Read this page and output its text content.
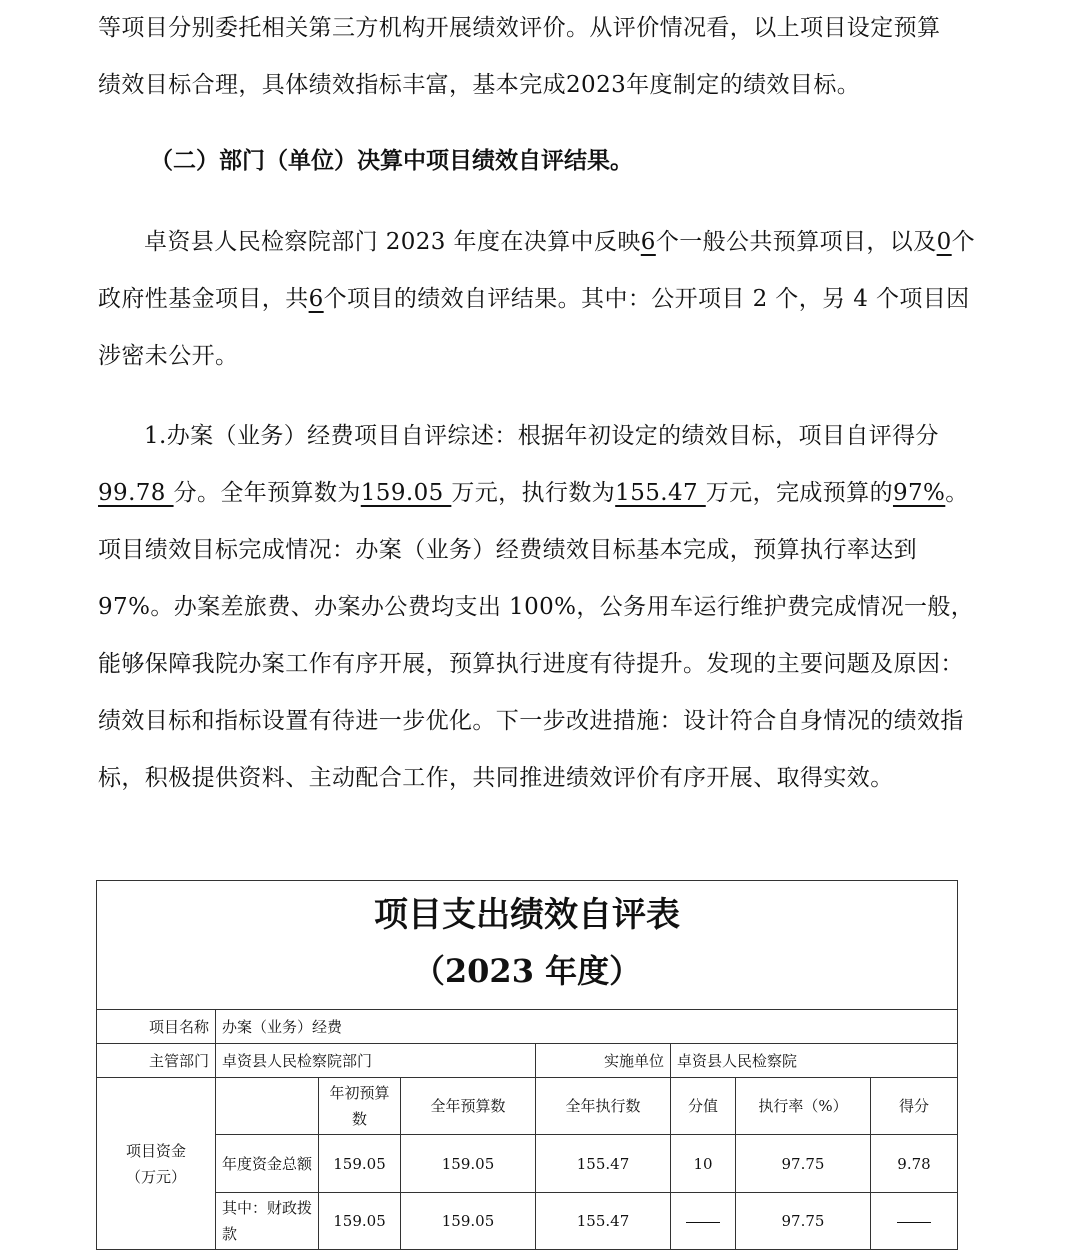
等项目分别委托相关第三方机构开展绩效评价。从评价情况看，以上项目设定预算
绩效目标合理，具体绩效指标丰富，基本完成2023年度制定的绩效目标。
（二）部门（单位）决算中项目绩效自评结果。
卓资县人民检察院部门 2023 年度在决算中反映6个一般公共预算项目，以及0个政府性基金项目，共6个项目的绩效自评结果。其中：公开项目 2 个，另 4 个项目因涉密未公开。
1.办案（业务）经费项目自评综述：根据年初设定的绩效目标，项目自评得分99.78 分。全年预算数为159.05 万元，执行数为155.47 万元，完成预算的97%。项目绩效目标完成情况：办案（业务）经费绩效目标基本完成，预算执行率达到 97%。办案差旅费、办案办公费均支出 100%，公务用车运行维护费完成情况一般，能够保障我院办案工作有序开展，预算执行进度有待提升。发现的主要问题及原因：绩效目标和指标设置有待进一步优化。下一步改进措施：设计符合自身情况的绩效指标，积极提供资料、主动配合工作，共同推进绩效评价有序开展、取得实效。
项目支出绩效自评表
（2023 年度）							

项目名称	办案（业务）经费						
主管部门	卓资县人民检察院部门			实施单位	卓资县人民检察院		
项目资金
（万元）		年初预算数	全年预算数	全年执行数	分值	执行率（%）	得分
	年度资金总额	159.05	159.05	155.47	10	97.75	9.78
	其中：财政拨款	159.05	159.05	155.47		97.75	
